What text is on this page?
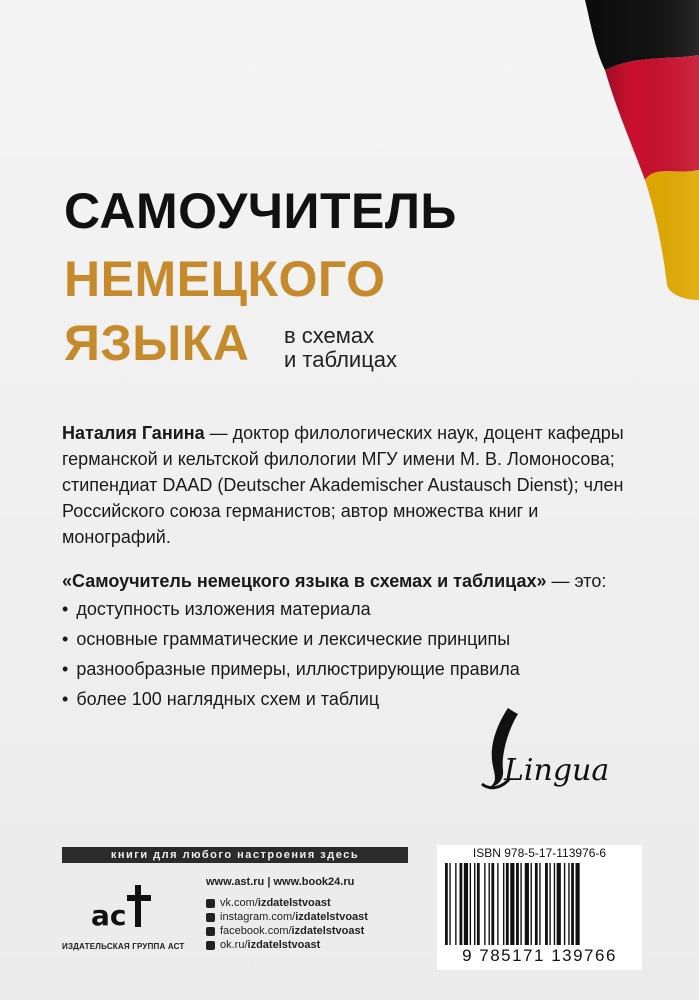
САМОУЧИТЕЛЬ
НЕМЕЦКОГО
ЯЗЫКА в схемах
и таблицах
Наталия Ганина — доктор филологических наук, доцент кафедры германской и кельтской филологии МГУ имени М. В. Ломоносова; стипендиат DAAD (Deutscher Akademischer Austausch Dienst); член Российского союза германистов; автор множества книг и монографий.
«Самоучитель немецкого языка в схемах и таблицах» — это:
• доступность изложения материала
• основные грамматические и лексические принципы
• разнообразные примеры, иллюстрирующие правила
• более 100 наглядных схем и таблиц
Lingua
книги для любого настроения здесь
ас
ИЗДАТЕЛЬСКАЯ ГРУППА АСТ
www.ast.ru | www.book24.ru
vk.com/ izdatelstvoast
instagram.com/ izdatelstvoast
facebook.com/ izdatelstvoast
ok.ru/ izdatelstvoast
ISBN 978-5-17-113976-6
9 785171 139766
